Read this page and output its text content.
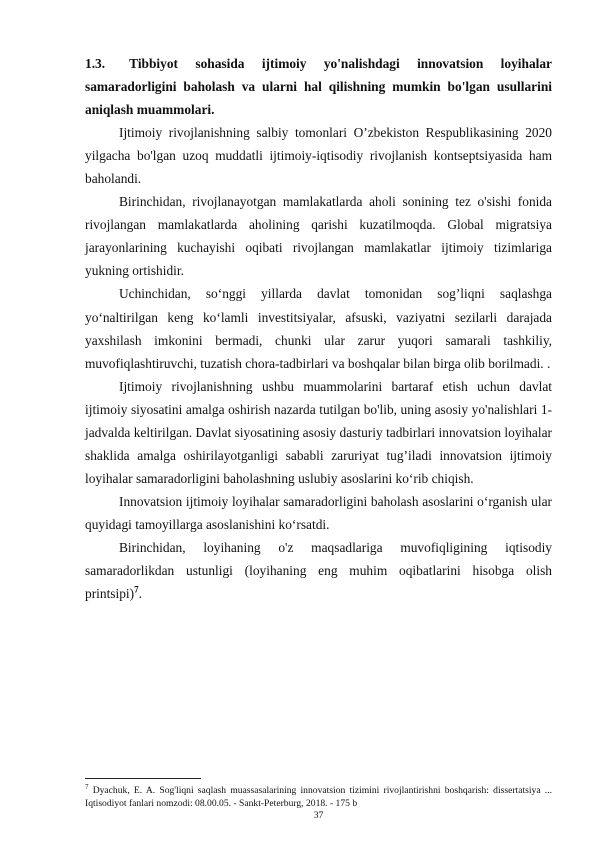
1.3. Tibbiyot sohasida ijtimoiy yo'nalishdagi innovatsion loyihalar samaradorligini baholash va ularni hal qilishning mumkin bo'lgan usullarini aniqlash muammolari.

Ijtimoiy rivojlanishning salbiy tomonlari O’zbekiston Respublikasining 2020 yilgacha bo'lgan uzoq muddatli ijtimoiy-iqtisodiy rivojlanish kontseptsiyasida ham baholandi.

Birinchidan, rivojlanayotgan mamlakatlarda aholi sonining tez o'sishi fonida rivojlangan mamlakatlarda aholining qarishi kuzatilmoqda. Global migratsiya jarayonlarining kuchayishi oqibati rivojlangan mamlakatlar ijtimoiy tizimlariga yukning ortishidir.

Uchinchidan, so‘nggi yillarda davlat tomonidan sog’liqni saqlashga yo‘naltirilgan keng ko‘lamli investitsiyalar, afsuski, vaziyatni sezilarli darajada yaxshilash imkonini bermadi, chunki ular zarur yuqori samarali tashkiliy, muvofiqlashtiruvchi, tuzatish chora-tadbirlari va boshqalar bilan birga olib borilmadi. .

Ijtimoiy rivojlanishning ushbu muammolarini bartaraf etish uchun davlat ijtimoiy siyosatini amalga oshirish nazarda tutilgan bo'lib, uning asosiy yo'nalishlari 1-jadvalda keltirilgan. Davlat siyosatining asosiy dasturiy tadbirlari innovatsion loyihalar shaklida amalga oshirilayotganligi sababli zaruriyat tug’iladi innovatsion ijtimoiy loyihalar samaradorligini baholashning uslubiy asoslarini ko‘rib chiqish.

Innovatsion ijtimoiy loyihalar samaradorligini baholash asoslarini o‘rganish ular quyidagi tamoyillarga asoslanishini ko‘rsatdi.

Birinchidan, loyihaning o'z maqsadlariga muvofiqligining iqtisodiy samaradorlikdan ustunligi (loyihaning eng muhim oqibatlarini hisobga olish printsipi)$^7$.

$^7$ Dyachuk, E. A. Sog'liqni saqlash muassasalarining innovatsion tizimini rivojlantirishni boshqarish: dissertatsiya ... Iqtisodiyot fanlari nomzodi: 08.00.05. - Sankt-Peterburg, 2018. - 175 b
37
